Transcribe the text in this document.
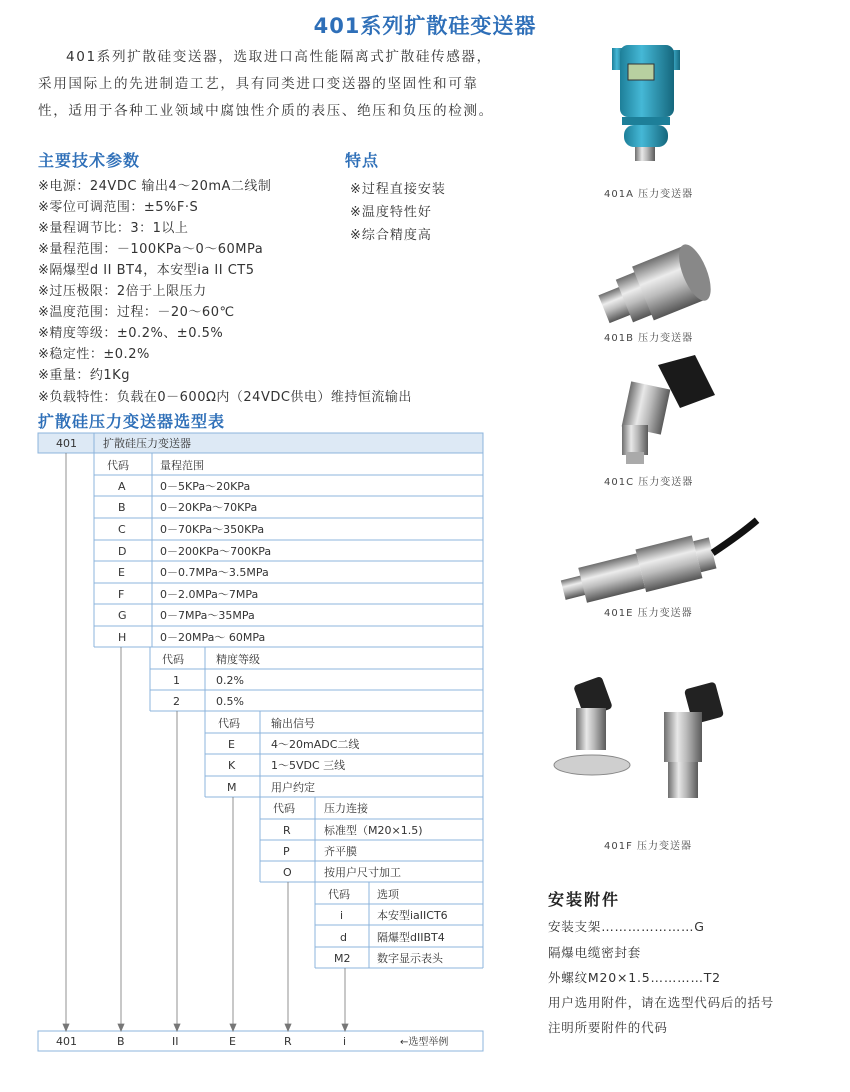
401系列扩散硅变送器
401系列扩散硅变送器，选取进口高性能隔离式扩散硅传感器，采用国际上的先进制造工艺，具有同类进口变送器的坚固性和可靠性，适用于各种工业领域中腐蚀性介质的表压、绝压和负压的检测。
主要技术参数
※电源：24VDC 输出4～20mA二线制
※零位可调范围：±5%F·S
※量程调节比：3：1以上
※量程范围：－100KPa～0～60MPa
※隔爆型d II BT4，本安型ia II CT5
※过压极限：2倍于上限压力
※温度范围：过程：－20～60℃
※精度等级：±0.2%、±0.5%
※稳定性：±0.2%
※重量：约1Kg
※负载特性：负载在0－600Ω内（24VDC供电）维持恒流输出
特点
※过程直接安装
※温度特性好
※综合精度高
扩散硅压力变送器选型表
401 扩散硅压力变送器
代码	量程范围
A	0－5KPa～20KPa
B	0－20KPa～70KPa
C	0－70KPa～350KPa
D	0－200KPa～700KPa
E	0－0.7MPa～3.5MPa
F	0－2.0MPa～7MPa
G	0－7MPa～35MPa
H	0－20MPa～ 60MPa
代码	精度等级
1	0.2%
2	0.5%
代码	输出信号
E	4～20mADC二线
K	1～5VDC 三线
M	用户约定
代码	压力连接
R	标准型（M20×1.5)
P	齐平膜
O	按用户尺寸加工
代码 选项
i	本安型iaIICT6
d	隔爆型dIIBT4
M2 数字显示表头
401	B	II	E	R	i	←选型举例
401A 压力变送器
401B 压力变送器
401C 压力变送器
401E 压力变送器
401F 压力变送器
安装附件
安装支架…………………G
隔爆电缆密封套
外螺纹M20×1.5…………T2
用户选用附件，请在选型代码后的括号
注明所要附件的代码
